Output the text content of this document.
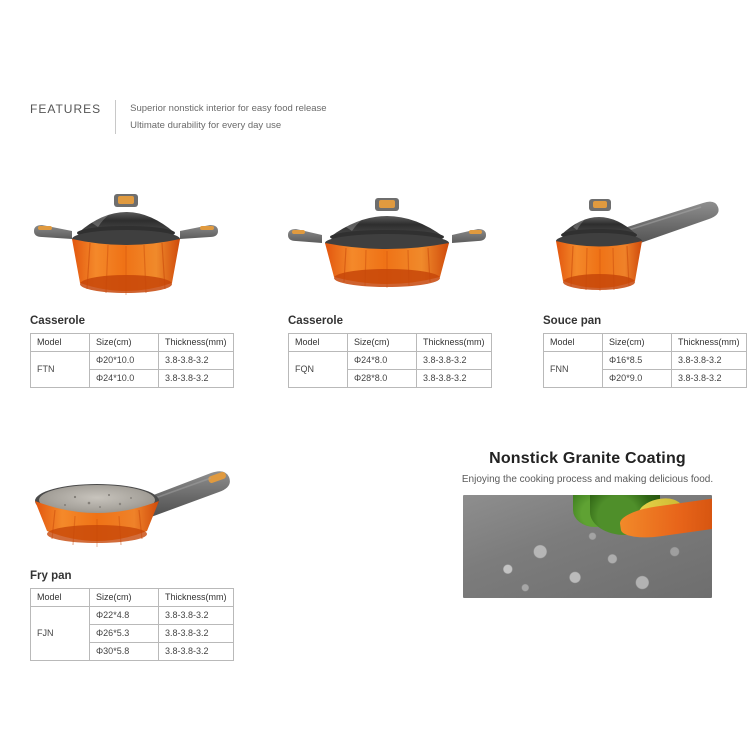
FEATURES	Superior nonstick interior for easy food release
Ultimate durability for every day use
Casserole
Model	Size(cm)	Thickness(mm)
FTN	Φ20*10.0	3.8-3.8-3.2
	Φ24*10.0	3.8-3.8-3.2
Casserole
Model	Size(cm)	Thickness(mm)
FQN	Φ24*8.0	3.8-3.8-3.2
	Φ28*8.0	3.8-3.8-3.2
Souce pan
Model	Size(cm)	Thickness(mm)
FNN	Φ16*8.5	3.8-3.8-3.2
	Φ20*9.0	3.8-3.8-3.2
Fry pan
Model	Size(cm)	Thickness(mm)
FJN	Φ22*4.8	3.8-3.8-3.2
	Φ26*5.3	3.8-3.8-3.2
	Φ30*5.8	3.8-3.8-3.2
Nonstick Granite Coating
Enjoying the cooking process and making delicious food.
